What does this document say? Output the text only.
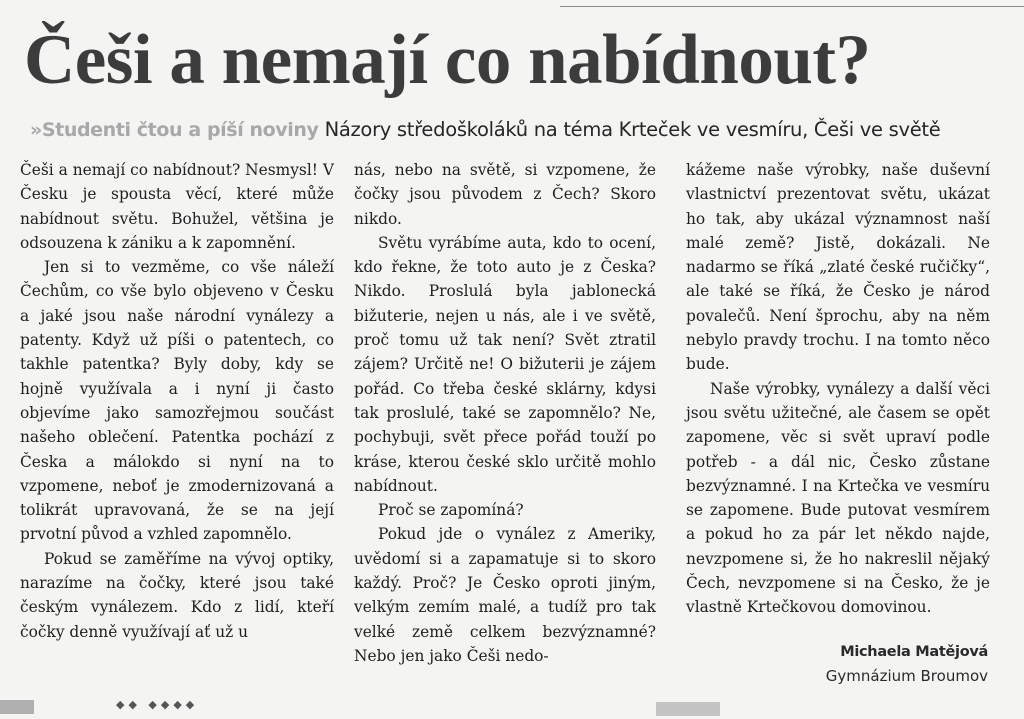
Češi a nemají co nabídnout?
»Studenti čtou a píší noviny Názory středoškoláků na téma Krteček ve vesmíru, Češi ve světě

Češi a nemají co nabídnout? Nesmysl! V Česku je spousta věcí, které může nabídnout světu. Bohužel, většina je odsouzena k zániku a k zapomnění.

Jen si to vezměme, co vše náleží Čechům, co vše bylo objeveno v Česku a jaké jsou naše národní vynálezy a patenty. Když už píši o patentech, co takhle patentka? Byly doby, kdy se hojně využívala a i nyní ji často objevíme jako samozřejmou součást našeho oblečení. Patentka pochází z Česka a málokdo si nyní na to vzpomene, neboť je zmodernizovaná a tolikrát upravovaná, že se na její prvotní původ a vzhled zapomnělo.

Pokud se zaměříme na vývoj optiky, narazíme na čočky, které jsou také českým vynálezem. Kdo z lidí, kteří čočky denně využívají ať už u

nás, nebo na světě, si vzpomene, že čočky jsou původem z Čech? Skoro nikdo.

Světu vyrábíme auta, kdo to ocení, kdo řekne, že toto auto je z Česka? Nikdo. Proslulá byla jablonecká bižuterie, nejen u nás, ale i ve světě, proč tomu už tak není? Svět ztratil zájem? Určitě ne! O bižuterii je zájem pořád. Co třeba české sklárny, kdysi tak proslulé, také se zapomnělo? Ne, pochybuji, svět přece pořád touží po kráse, kterou české sklo určitě mohlo nabídnout.

Proč se zapomíná?

Pokud jde o vynález z Ameriky, uvědomí si a zapamatuje si to skoro každý. Proč? Je Česko oproti jiným, velkým zemím malé, a tudíž pro tak velké země celkem bezvýznamné? Nebo jen jako Češi nedo-

kážeme naše výrobky, naše duševní vlastnictví prezentovat světu, ukázat ho tak, aby ukázal významnost naší malé země? Jistě, dokázali. Ne nadarmo se říká „zlaté české ručičky“, ale také se říká, že Česko je národ povalečů. Není šprochu, aby na něm nebylo pravdy trochu. I na tomto něco bude.

Naše výrobky, vynálezy a další věci jsou světu užitečné, ale časem se opět zapomene, věc si svět upraví podle potřeb - a dál nic, Česko zůstane bezvýznamné. I na Krtečka ve vesmíru se zapomene. Bude putovat vesmírem a pokud ho za pár let někdo najde, nevzpomene si, že ho nakreslil nějaký Čech, nevzpomene si na Česko, že je vlastně Krtečkovou domovinou.

Michaela Matějová
Gymnázium Broumov
◆◆ ◆◆◆◆
